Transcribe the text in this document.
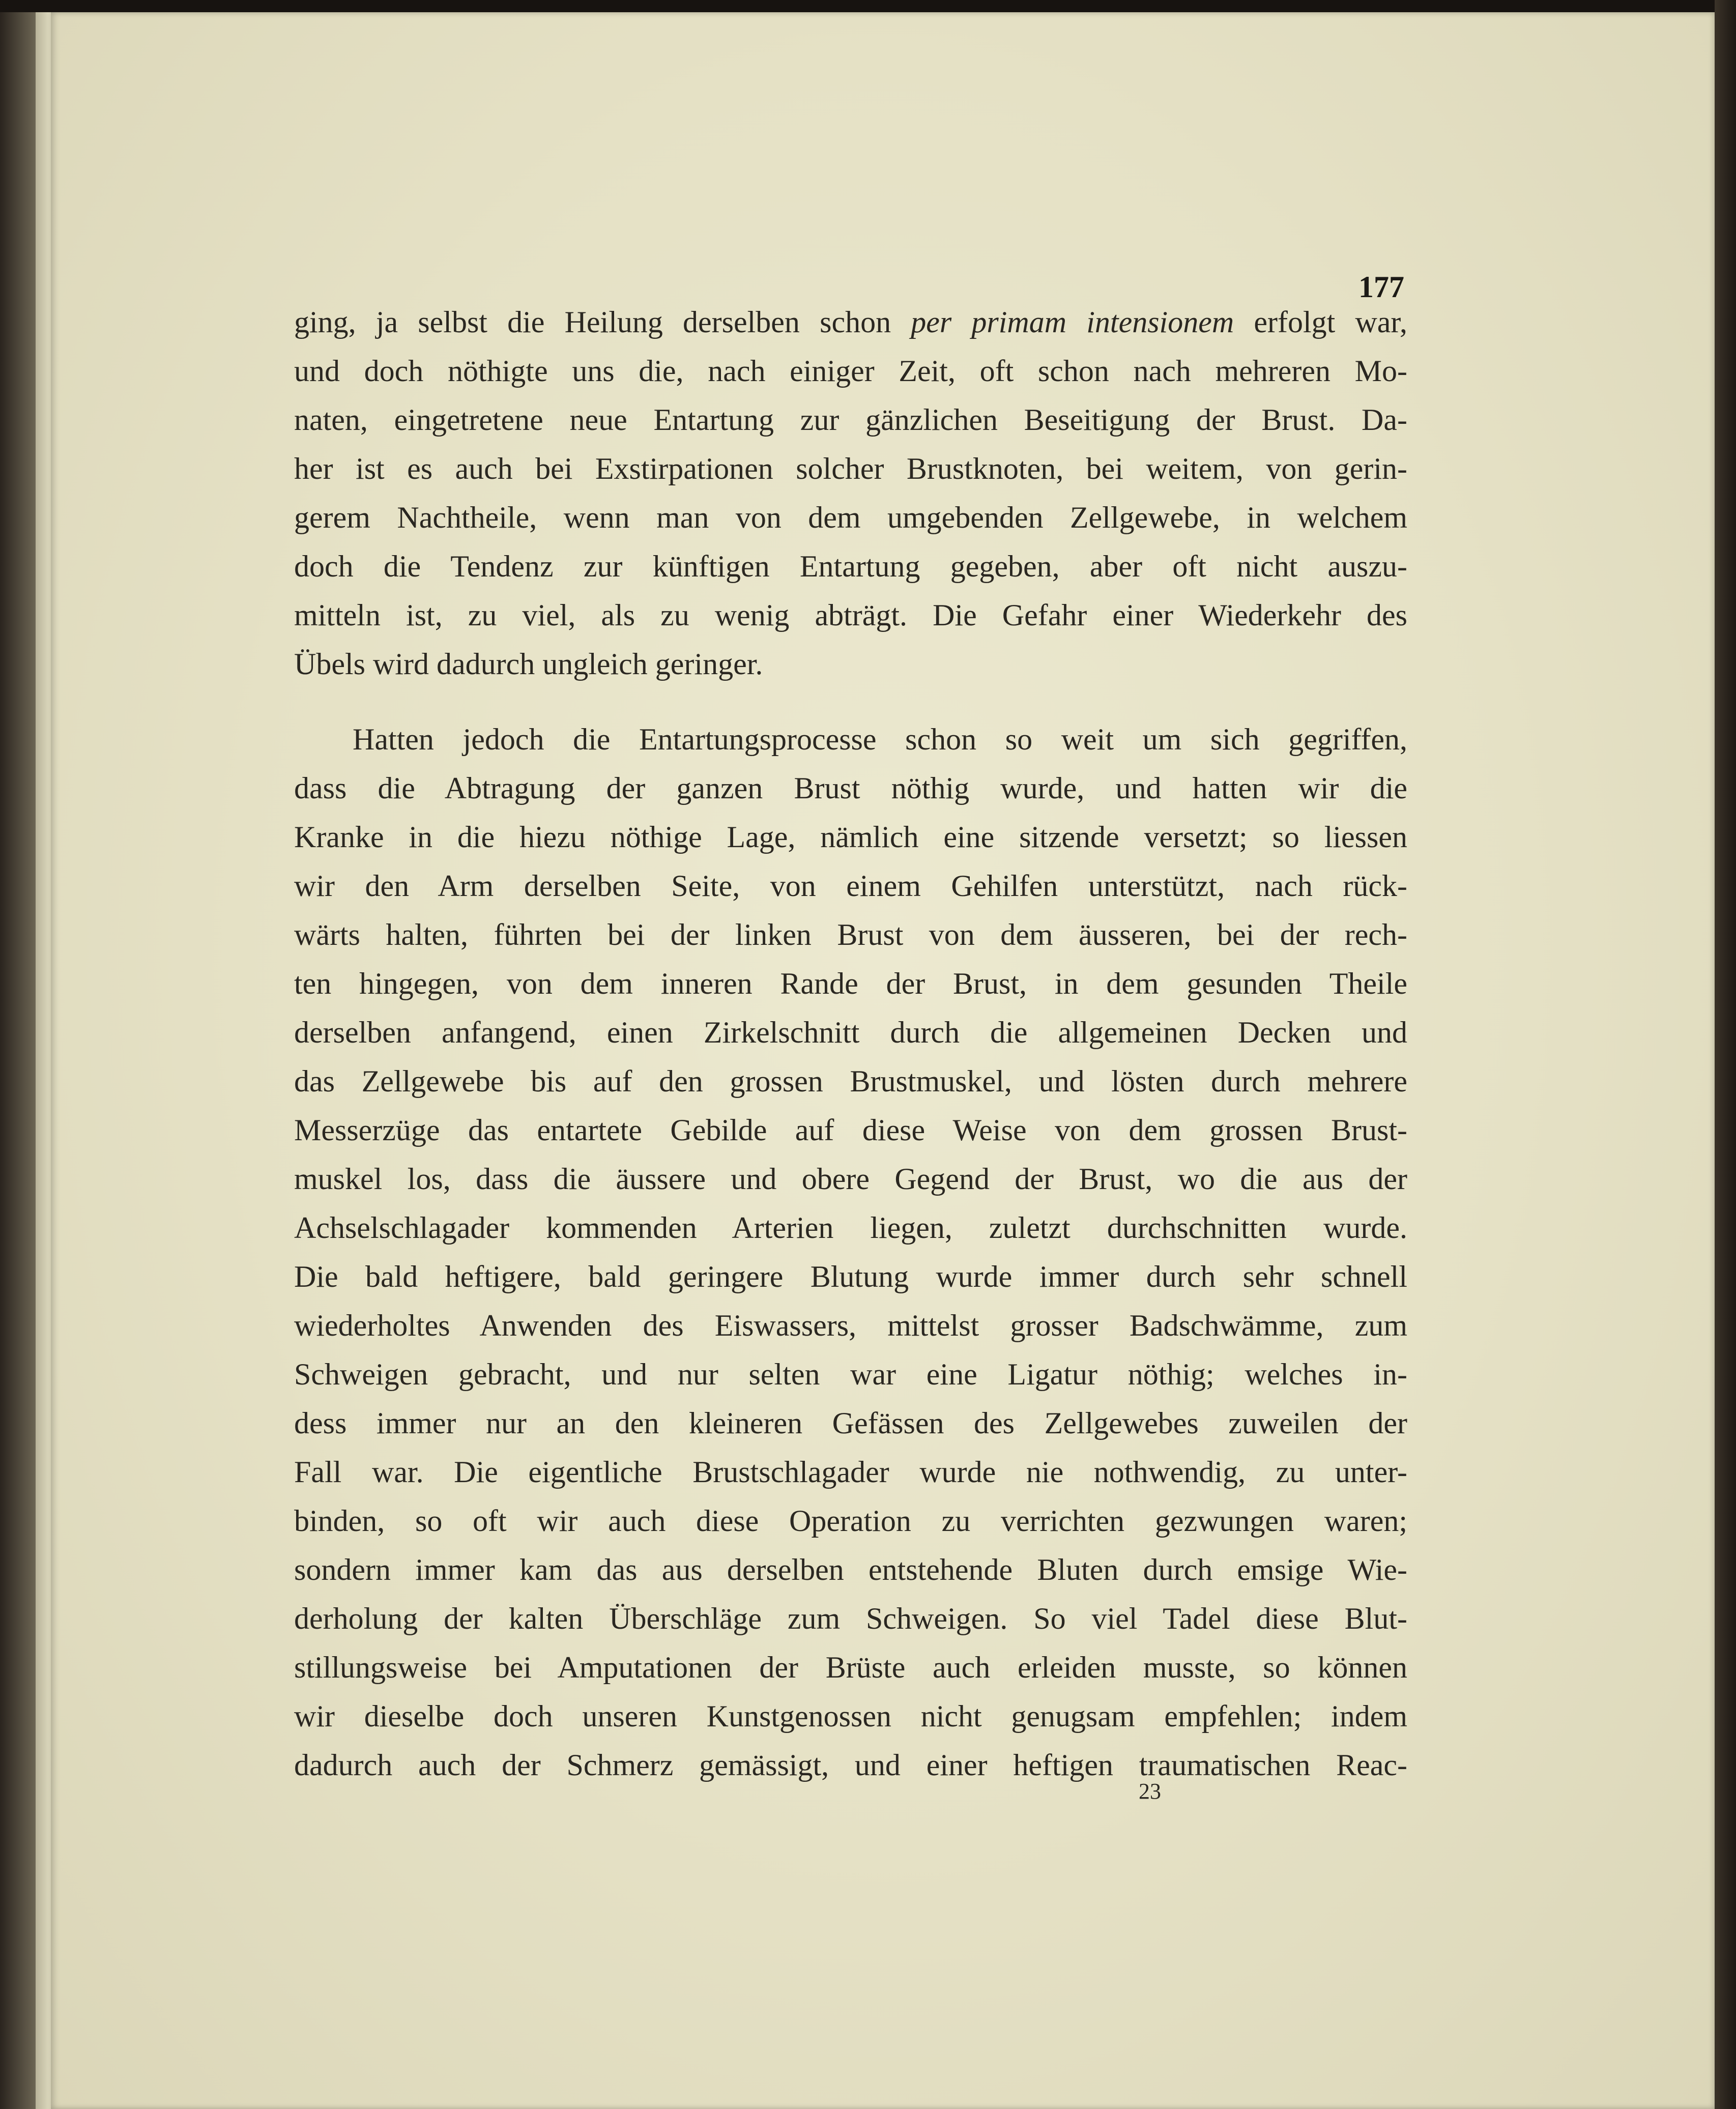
177
ging, ja selbst die Heilung derselben schon per primam intensionem erfolgt war,
und doch nöthigte uns die, nach einiger Zeit, oft schon nach mehreren Mo-
naten, eingetretene neue Entartung zur gänzlichen Beseitigung der Brust. Da-
her ist es auch bei Exstirpationen solcher Brustknoten, bei weitem, von gerin-
gerem Nachtheile, wenn man von dem umgebenden Zellgewebe, in welchem
doch die Tendenz zur künftigen Entartung gegeben, aber oft nicht auszu-
mitteln ist, zu viel, als zu wenig abträgt. Die Gefahr einer Wiederkehr des
Übels wird dadurch ungleich geringer.
Hatten jedoch die Entartungsprocesse schon so weit um sich gegriffen,
dass die Abtragung der ganzen Brust nöthig wurde, und hatten wir die
Kranke in die hiezu nöthige Lage, nämlich eine sitzende versetzt; so liessen
wir den Arm derselben Seite, von einem Gehilfen unterstützt, nach rück-
wärts halten, führten bei der linken Brust von dem äusseren, bei der rech-
ten hingegen, von dem inneren Rande der Brust, in dem gesunden Theile
derselben anfangend, einen Zirkelschnitt durch die allgemeinen Decken und
das Zellgewebe bis auf den grossen Brustmuskel, und lösten durch mehrere
Messerzüge das entartete Gebilde auf diese Weise von dem grossen Brust-
muskel los, dass die äussere und obere Gegend der Brust, wo die aus der
Achselschlagader kommenden Arterien liegen, zuletzt durchschnitten wurde.
Die bald heftigere, bald geringere Blutung wurde immer durch sehr schnell
wiederholtes Anwenden des Eiswassers, mittelst grosser Badschwämme, zum
Schweigen gebracht, und nur selten war eine Ligatur nöthig; welches in-
dess immer nur an den kleineren Gefässen des Zellgewebes zuweilen der
Fall war. Die eigentliche Brustschlagader wurde nie nothwendig, zu unter-
binden, so oft wir auch diese Operation zu verrichten gezwungen waren;
sondern immer kam das aus derselben entstehende Bluten durch emsige Wie-
derholung der kalten Überschläge zum Schweigen. So viel Tadel diese Blut-
stillungsweise bei Amputationen der Brüste auch erleiden musste, so können
wir dieselbe doch unseren Kunstgenossen nicht genugsam empfehlen; indem
dadurch auch der Schmerz gemässigt, und einer heftigen traumatischen Reac-
23
